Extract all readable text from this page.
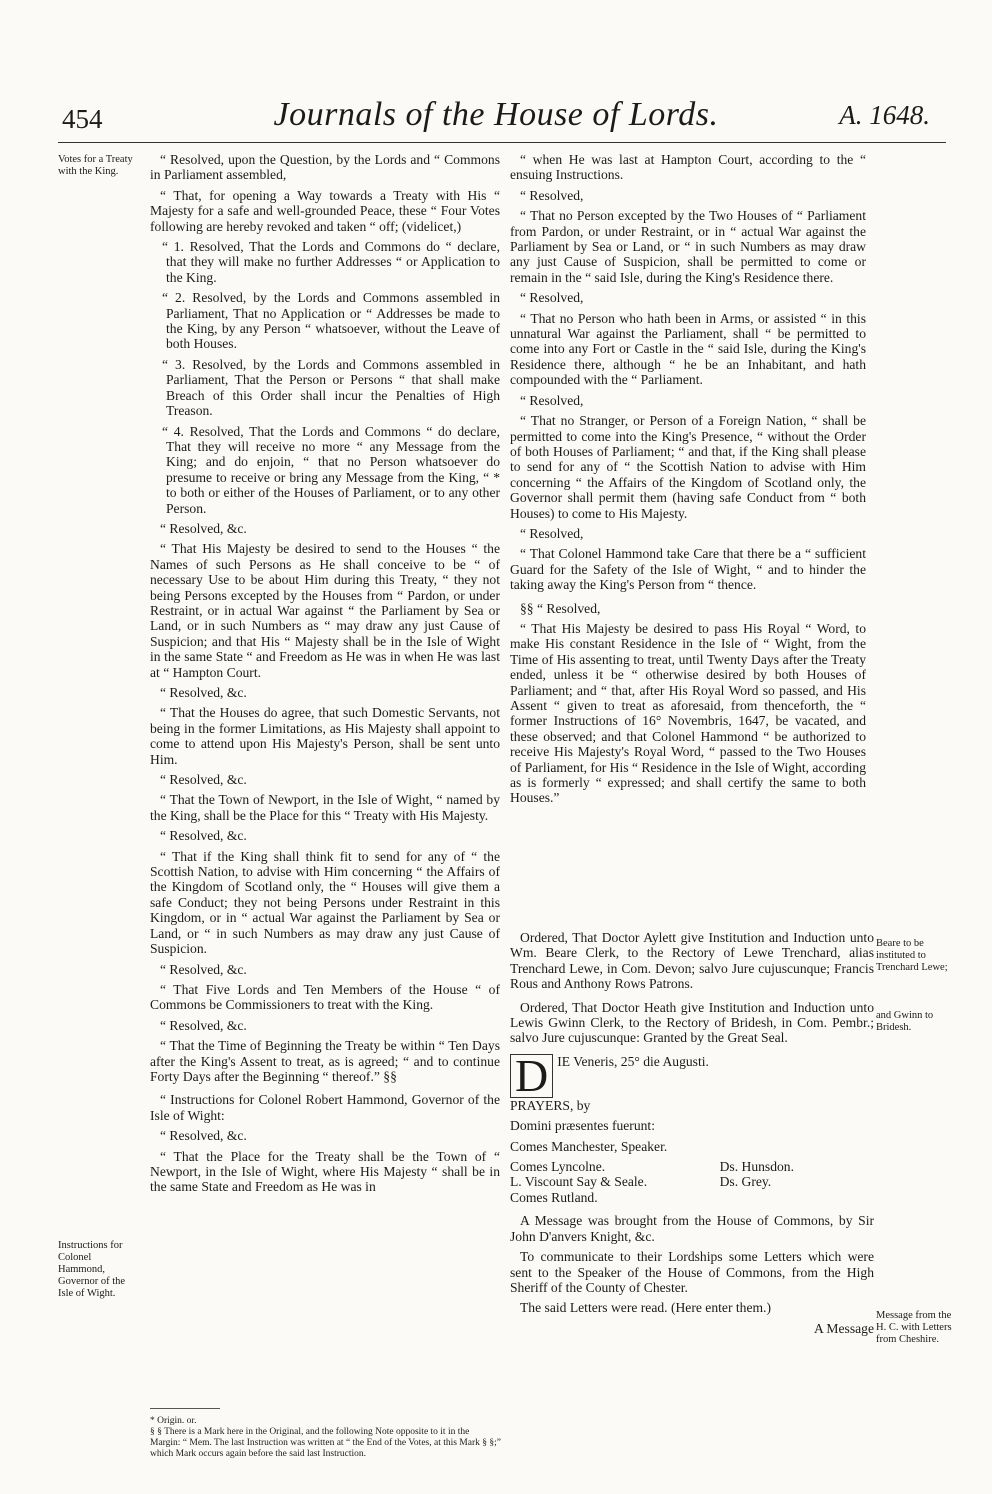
454	Journals of the House of Lords.	A. 1648.
Votes for a Treaty with the King.
Instructions for Colonel Hammond, Governor of the Isle of Wight.
Beare to be instituted to Trenchard Lewe;
and Gwinn to Bridesh.
Message from the H. C. with Letters from Cheshire.

“ Resolved, upon the Question, by the Lords and “ Commons in Parliament assembled,

“ That, for opening a Way towards a Treaty with His “ Majesty for a safe and well-grounded Peace, these “ Four Votes following are hereby revoked and taken “ off; (videlicet,)

“ 1. Resolved, That the Lords and Commons do “ declare, that they will make no further Addresses “ or Application to the King.

“ 2. Resolved, by the Lords and Commons assembled in Parliament, That no Application or “ Addresses be made to the King, by any Person “ whatsoever, without the Leave of both Houses.

“ 3. Resolved, by the Lords and Commons assembled in Parliament, That the Person or Persons “ that shall make Breach of this Order shall incur the Penalties of High Treason.

“ 4. Resolved, That the Lords and Commons “ do declare, That they will receive no more “ any Message from the King; and do enjoin, “ that no Person whatsoever do presume to receive or bring any Message from the King, “ * to both or either of the Houses of Parliament, or to any other Person.

“ Resolved, &c.

“ That His Majesty be desired to send to the Houses “ the Names of such Persons as He shall conceive to be “ of necessary Use to be about Him during this Treaty, “ they not being Persons excepted by the Houses from “ Pardon, or under Restraint, or in actual War against “ the Parliament by Sea or Land, or in such Numbers as “ may draw any just Cause of Suspicion; and that His “ Majesty shall be in the Isle of Wight in the same State “ and Freedom as He was in when He was last at “ Hampton Court.

“ Resolved, &c.

“ That the Houses do agree, that such Domestic Servants, not being in the former Limitations, as His Majesty shall appoint to come to attend upon His Majesty's Person, shall be sent unto Him.

“ Resolved, &c.

“ That the Town of Newport, in the Isle of Wight, “ named by the King, shall be the Place for this “ Treaty with His Majesty.

“ Resolved, &c.

“ That if the King shall think fit to send for any of “ the Scottish Nation, to advise with Him concerning “ the Affairs of the Kingdom of Scotland only, the “ Houses will give them a safe Conduct; they not being Persons under Restraint in this Kingdom, or in “ actual War against the Parliament by Sea or Land, or “ in such Numbers as may draw any just Cause of Suspicion.

“ Resolved, &c.

“ That Five Lords and Ten Members of the House “ of Commons be Commissioners to treat with the King.

“ Resolved, &c.

“ That the Time of Beginning the Treaty be within “ Ten Days after the King's Assent to treat, as is agreed; “ and to continue Forty Days after the Beginning “ thereof.” §§

“ Instructions for Colonel Robert Hammond, Governor of the Isle of Wight:

“ Resolved, &c.

“ That the Place for the Treaty shall be the Town of “ Newport, in the Isle of Wight, where His Majesty “ shall be in the same State and Freedom as He was in

* Origin. or.
§ § There is a Mark here in the Original, and the following Note opposite to it in the Margin: “ Mem. The last Instruction was written at “ the End of the Votes, at this Mark § §;” which Mark occurs again before the said last Instruction.

“ when He was last at Hampton Court, according to the “ ensuing Instructions.

“ Resolved,

“ That no Person excepted by the Two Houses of “ Parliament from Pardon, or under Restraint, or in “ actual War against the Parliament by Sea or Land, or “ in such Numbers as may draw any just Cause of Suspicion, shall be permitted to come or remain in the “ said Isle, during the King's Residence there.

“ Resolved,

“ That no Person who hath been in Arms, or assisted “ in this unnatural War against the Parliament, shall “ be permitted to come into any Fort or Castle in the “ said Isle, during the King's Residence there, although “ he be an Inhabitant, and hath compounded with the “ Parliament.

“ Resolved,

“ That no Stranger, or Person of a Foreign Nation, “ shall be permitted to come into the King's Presence, “ without the Order of both Houses of Parliament; “ and that, if the King shall please to send for any of “ the Scottish Nation to advise with Him concerning “ the Affairs of the Kingdom of Scotland only, the Governor shall permit them (having safe Conduct from “ both Houses) to come to His Majesty.

“ Resolved,

“ That Colonel Hammond take Care that there be a “ sufficient Guard for the Safety of the Isle of Wight, “ and to hinder the taking away the King's Person from “ thence.

§§ “ Resolved,

“ That His Majesty be desired to pass His Royal “ Word, to make His constant Residence in the Isle of “ Wight, from the Time of His assenting to treat, until Twenty Days after the Treaty ended, unless it be “ otherwise desired by both Houses of Parliament; and “ that, after His Royal Word so passed, and His Assent “ given to treat as aforesaid, from thenceforth, the “ former Instructions of 16° Novembris, 1647, be vacated, and these observed; and that Colonel Hammond “ be authorized to receive His Majesty's Royal Word, “ passed to the Two Houses of Parliament, for His “ Residence in the Isle of Wight, according as is formerly “ expressed; and shall certify the same to both Houses.”

Ordered, That Doctor Aylett give Institution and Induction unto Wm. Beare Clerk, to the Rectory of Lewe Trenchard, alias Trenchard Lewe, in Com. Devon; salvo Jure cujuscunque; Francis Rous and Anthony Rows Patrons.

Ordered, That Doctor Heath give Institution and Induction unto Lewis Gwinn Clerk, to the Rectory of Bridesh, in Com. Pembr.; salvo Jure cujuscunque: Granted by the Great Seal.

D IE Veneris, 25° die Augusti.

PRAYERS, by

Domini præsentes fuerunt:

Comes Manchester, Speaker.

Comes Lyncolne.
L. Viscount Say & Seale.
Comes Rutland.
Ds. Hunsdon.
Ds. Grey.

A Message was brought from the House of Commons, by Sir John D'anvers Knight, &c.

To communicate to their Lordships some Letters which were sent to the Speaker of the House of Commons, from the High Sheriff of the County of Chester.

The said Letters were read. (Here enter them.)

A Message
